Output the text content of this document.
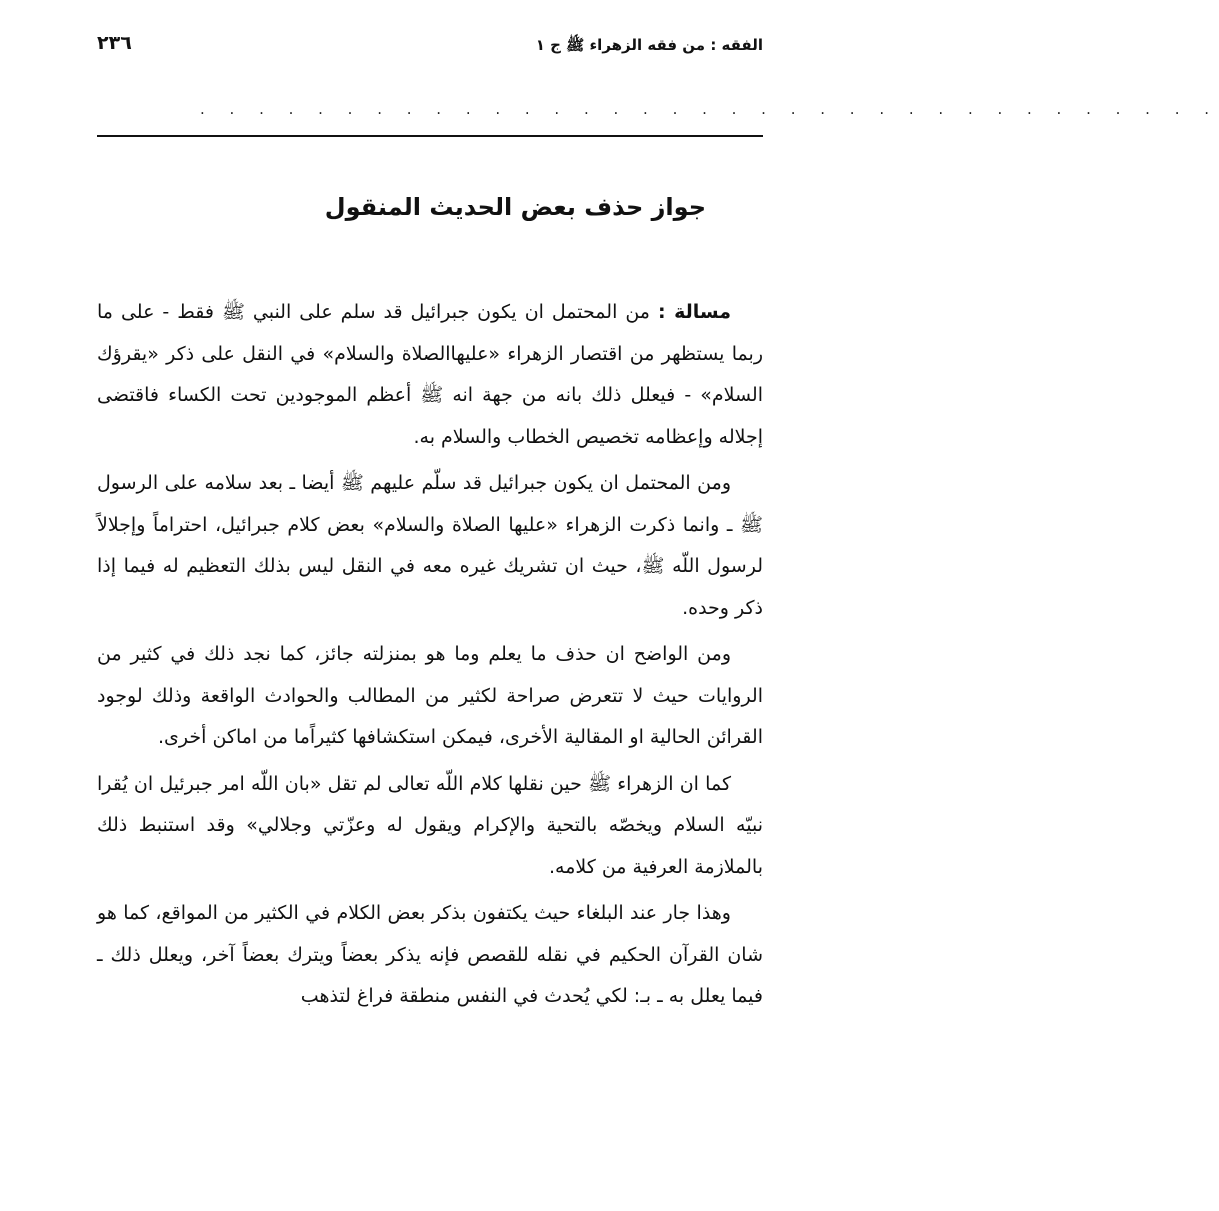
الفقه : من فقه الزهراء ﷺ ج ١
٢٣٦
. . . . . . . . . . . . . . . . . . . . . . . . . . . . . . . . . . .
جواز حذف بعض الحديث المنقول

مسالة : من المحتمل ان يكون جبرائيل قد سلم على النبي ﷺ فقط - على ما ربما يستظهر من اقتصار الزهراء «عليهاالصلاة والسلام» في النقل على ذكر «يقرؤك السلام» - فيعلل ذلك بانه من جهة انه ﷺ أعظم الموجودين تحت الكساء فاقتضى إجلاله وإعظامه تخصيص الخطاب والسلام به.

ومن المحتمل ان يكون جبرائيل قد سلّم عليهم ﷺ أيضا ـ بعد سلامه على الرسول ﷺ ـ وانما ذكرت الزهراء «عليها الصلاة والسلام» بعض كلام جبرائيل، احتراماً وإجلالاً لرسول اللّه ﷺ، حيث ان تشريك غيره معه في النقل ليس بذلك التعظيم له فيما إذا ذكر وحده.

ومن الواضح ان حذف ما يعلم وما هو بمنزلته جائز، كما نجد ذلك في كثير من الروايات حيث لا تتعرض صراحة لكثير من المطالب والحوادث الواقعة وذلك لوجود القرائن الحالية او المقالية الأخرى، فيمكن استكشافها كثيراًما من اماكن أخرى.

كما ان الزهراء ﷺ حين نقلها كلام اللّه تعالى لم تقل «بان اللّه امر جبرئيل ان يُقرا نبيّه السلام ويخصّه بالتحية والإكرام ويقول له وعزّتي وجلالي» وقد استنبط ذلك بالملازمة العرفية من كلامه.

وهذا جار عند البلغاء حيث يكتفون بذكر بعض الكلام في الكثير من المواقع، كما هو شان القرآن الحكيم في نقله للقصص فإنه يذكر بعضاً ويترك بعضاً آخر، ويعلل ذلك ـ فيما يعلل به ـ بـ: لكي يُحدث في النفس منطقة فراغ لتذهب
